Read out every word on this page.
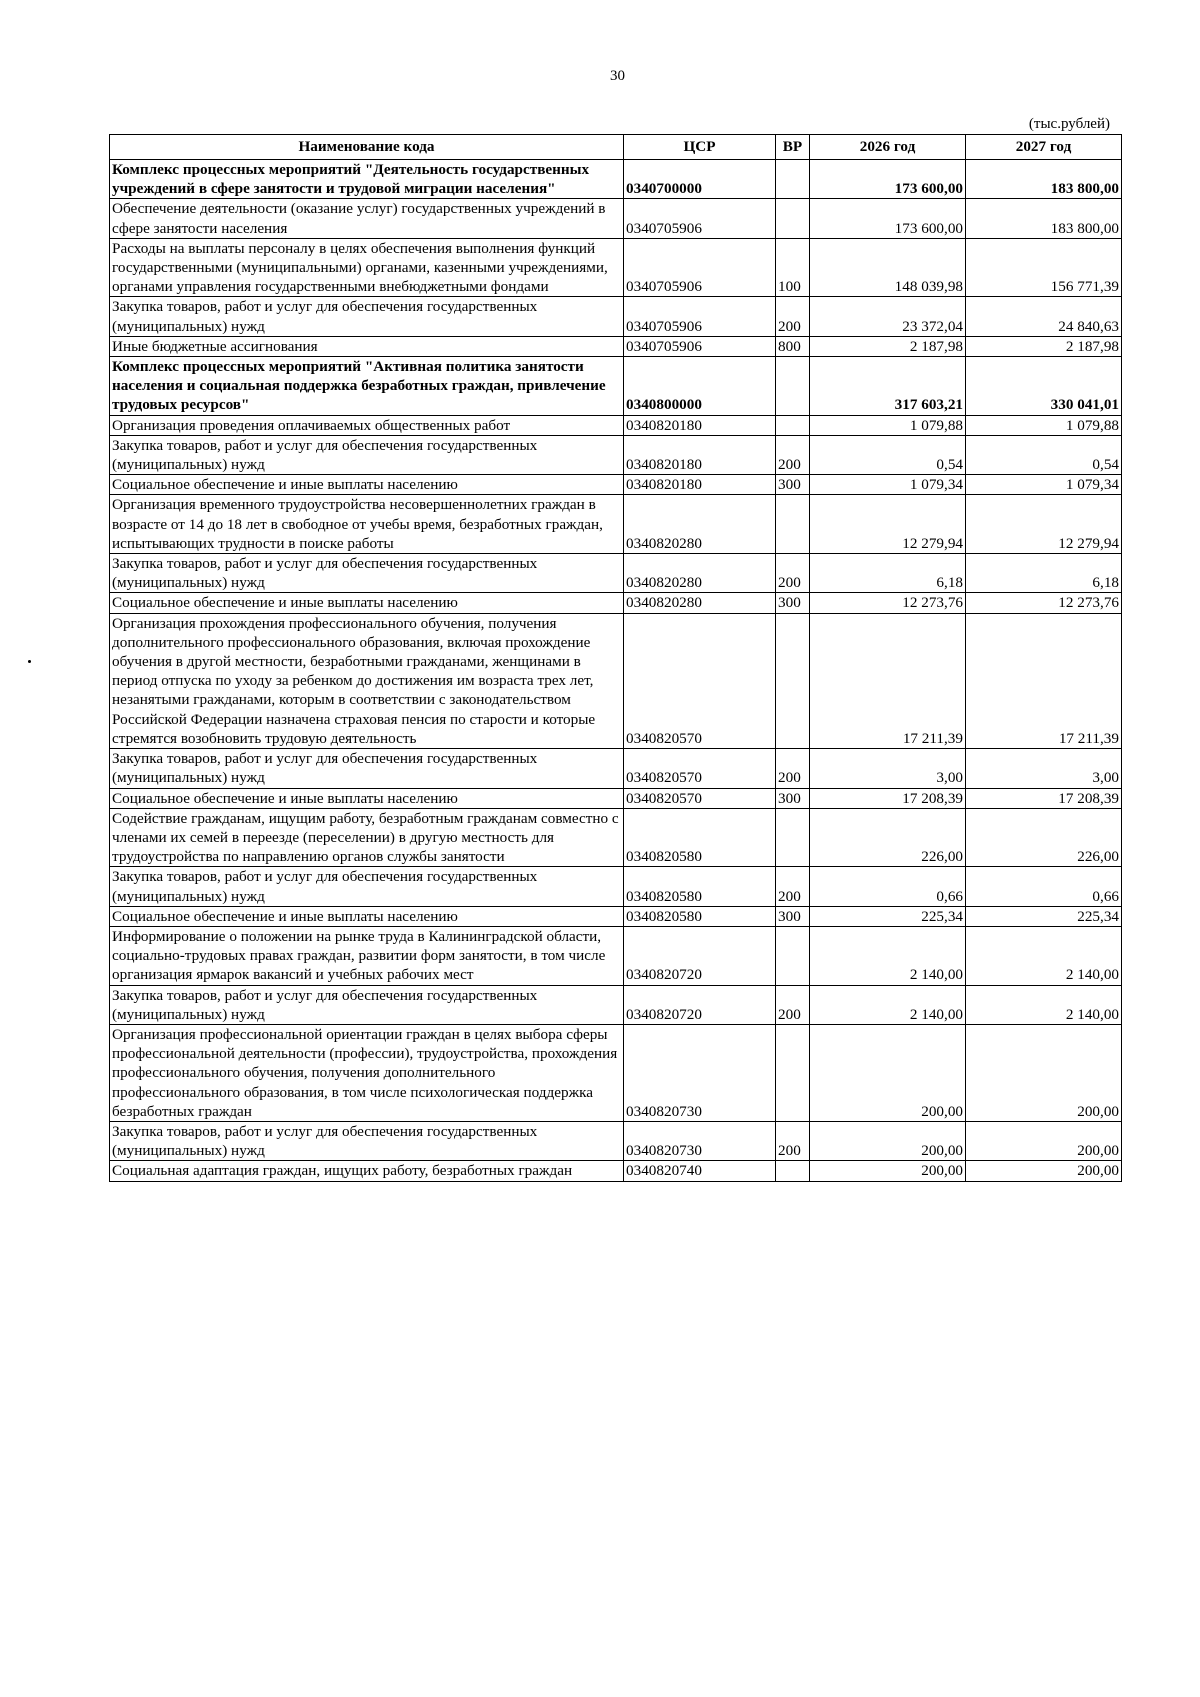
30
(тыс.рублей)
Наименование кода	ЦСР	ВР	2026 год	2027 год
Комплекс процессных мероприятий "Деятельность государственных учреждений в сфере занятости и трудовой миграции населения"	0340700000		173 600,00	183 800,00
Обеспечение деятельности (оказание услуг) государственных учреждений в сфере занятости населения	0340705906		173 600,00	183 800,00
Расходы на выплаты персоналу в целях обеспечения выполнения функций государственными (муниципальными) органами, казенными учреждениями, органами управления государственными внебюджетными фондами	0340705906	100	148 039,98	156 771,39
Закупка товаров, работ и услуг для обеспечения государственных (муниципальных) нужд	0340705906	200	23 372,04	24 840,63
Иные бюджетные ассигнования	0340705906	800	2 187,98	2 187,98
Комплекс процессных мероприятий "Активная политика занятости населения и социальная поддержка безработных граждан, привлечение трудовых ресурсов"	0340800000		317 603,21	330 041,01
Организация проведения оплачиваемых общественных работ	0340820180		1 079,88	1 079,88
Закупка товаров, работ и услуг для обеспечения государственных (муниципальных) нужд	0340820180	200	0,54	0,54
Социальное обеспечение и иные выплаты населению	0340820180	300	1 079,34	1 079,34
Организация временного трудоустройства несовершеннолетних граждан в возрасте от 14 до 18 лет в свободное от учебы время, безработных граждан, испытывающих трудности в поиске работы	0340820280		12 279,94	12 279,94
Закупка товаров, работ и услуг для обеспечения государственных (муниципальных) нужд	0340820280	200	6,18	6,18
Социальное обеспечение и иные выплаты населению	0340820280	300	12 273,76	12 273,76
Организация прохождения профессионального обучения, получения дополнительного профессионального образования, включая прохождение обучения в другой местности, безработными гражданами, женщинами в период отпуска по уходу за ребенком до достижения им возраста трех лет, незанятыми гражданами, которым в соответствии с законодательством Российской Федерации назначена страховая пенсия по старости и которые стремятся возобновить трудовую деятельность	0340820570		17 211,39	17 211,39
Закупка товаров, работ и услуг для обеспечения государственных (муниципальных) нужд	0340820570	200	3,00	3,00
Социальное обеспечение и иные выплаты населению	0340820570	300	17 208,39	17 208,39
Содействие гражданам, ищущим работу, безработным гражданам совместно с членами их семей в переезде (переселении) в другую местность для трудоустройства по направлению органов службы занятости	0340820580		226,00	226,00
Закупка товаров, работ и услуг для обеспечения государственных (муниципальных) нужд	0340820580	200	0,66	0,66
Социальное обеспечение и иные выплаты населению	0340820580	300	225,34	225,34
Информирование о положении на рынке труда в Калининградской области, социально-трудовых правах граждан, развитии форм занятости, в том числе организация ярмарок вакансий и учебных рабочих мест	0340820720		2 140,00	2 140,00
Закупка товаров, работ и услуг для обеспечения государственных (муниципальных) нужд	0340820720	200	2 140,00	2 140,00
Организация профессиональной ориентации граждан в целях выбора сферы профессиональной деятельности (профессии), трудоустройства, прохождения профессионального обучения, получения дополнительного профессионального образования, в том числе психологическая поддержка безработных граждан	0340820730		200,00	200,00
Закупка товаров, работ и услуг для обеспечения государственных (муниципальных) нужд	0340820730	200	200,00	200,00
Социальная адаптация граждан, ищущих работу, безработных граждан	0340820740		200,00	200,00
